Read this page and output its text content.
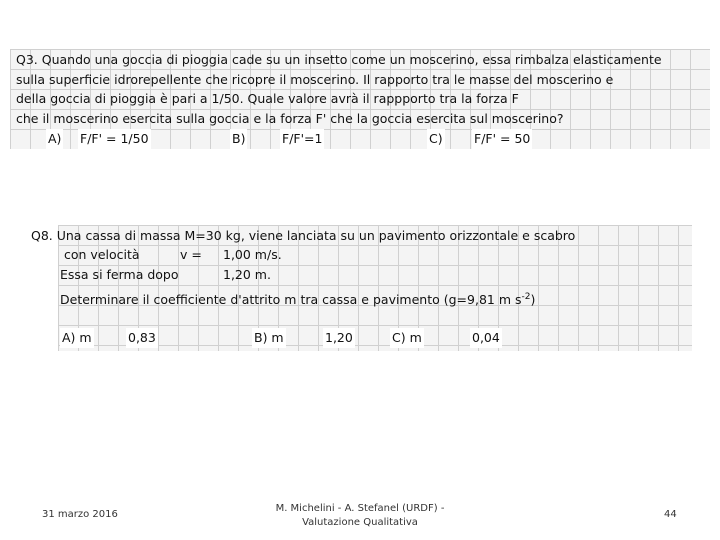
Q3. Quando una goccia di pioggia cade su un insetto come un moscerino, essa rimbalza elasticamente
sulla superficie idrorepellente che ricopre il moscerino. Il rapporto tra le masse del moscerino e
della goccia di pioggia è pari a 1/50. Quale valore avrà il rappporto tra la forza F
che il moscerino esercita sulla goccia e la forza F' che la goccia esercita sul moscerino?
A) F/F' = 1/50	B)	F/F'=1	C)	F/F' = 50
Q8. Una cassa di massa M=30 kg, viene lanciata su un pavimento orizzontale e scabro
con velocità	v = 1,00 m/s.
Essa si ferma dopo	1,20 m.
Determinare il coefficiente d'attrito m tra cassa e pavimento (g=9,81 m $s^{-2}$)
A) m	0,83	B) m	1,20	C) m	0,04
31 marzo 2016
M. Michelini - A. Stefanel (URDF) -
Valutazione Qualitativa
44
